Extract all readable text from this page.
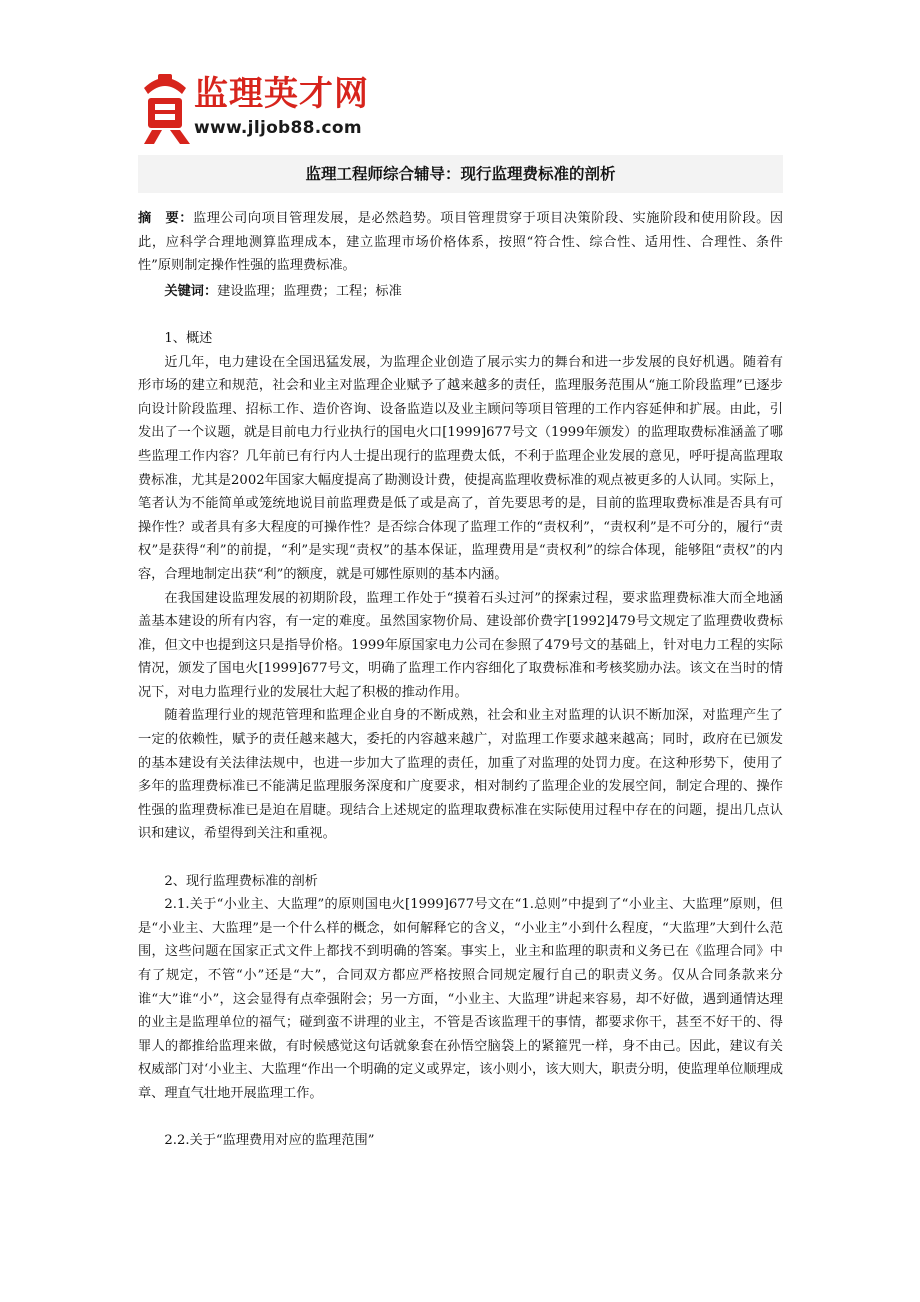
监理英才网
www.jljob88.com
监理工程师综合辅导：现行监理费标准的剖析

摘　要：监理公司向项目管理发展，是必然趋势。项目管理贯穿于项目决策阶段、实施阶段和使用阶段。因此，应科学合理地测算监理成本，建立监理市场价格体系，按照“符合性、综合性、适用性、合理性、条件性”原则制定操作性强的监理费标准。

关键词：建设监理；监理费；工程；标准

1、概述

近几年，电力建设在全国迅猛发展，为监理企业创造了展示实力的舞台和进一步发展的良好机遇。随着有形市场的建立和规范，社会和业主对监理企业赋予了越来越多的责任，监理服务范围从“施工阶段监理”已逐步向设计阶段监理、招标工作、造价咨询、设备监造以及业主顾问等项目管理的工作内容延伸和扩展。由此，引发出了一个议题，就是目前电力行业执行的国电火口[1999]677号文（1999年颁发）的监理取费标准涵盖了哪些监理工作内容？几年前已有行内人士提出现行的监理费太低，不利于监理企业发展的意见，呼吁提高监理取费标准，尤其是2002年国家大幅度提高了勘测设计费，使提高监理收费标准的观点被更多的人认同。实际上，笔者认为不能简单或笼统地说目前监理费是低了或是高了，首先要思考的是，目前的监理取费标准是否具有可操作性？或者具有多大程度的可操作性？是否综合体现了监理工作的“责权利”，“责权利”是不可分的，履行“责权”是获得“利”的前提，“利”是实现“责权”的基本保证，监理费用是“责权利”的综合体现，能够阻“责权”的内容，合理地制定出获“利”的额度，就是可娜性原则的基本内涵。

在我国建设监理发展的初期阶段，监理工作处于“摸着石头过河”的探索过程，要求监理费标准大而全地涵盖基本建设的所有内容，有一定的难度。虽然国家物价局、建设部价费字[1992]479号文规定了监理费收费标准，但文中也提到这只是指导价格。1999年原国家电力公司在参照了479号文的基础上，针对电力工程的实际情况，颁发了国电火[1999]677号文，明确了监理工作内容细化了取费标准和考核奖励办法。该文在当时的情况下，对电力监理行业的发展壮大起了积极的推动作用。

随着监理行业的规范管理和监理企业自身的不断成熟，社会和业主对监理的认识不断加深，对监理产生了一定的依赖性，赋予的责任越来越大，委托的内容越来越广，对监理工作要求越来越高；同时，政府在已颁发的基本建设有关法律法规中，也进一步加大了监理的责任，加重了对监理的处罚力度。在这种形势下，使用了多年的监理费标准已不能满足监理服务深度和广度要求，相对制约了监理企业的发展空间，制定合理的、操作性强的监理费标准已是迫在眉睫。现结合上述规定的监理取费标准在实际使用过程中存在的问题，提出几点认识和建议，希望得到关注和重视。

2、现行监理费标准的剖析

2.1.关于“小业主、大监理”的原则国电火[1999]677号文在“1.总则”中提到了“小业主、大监理”原则，但是“小业主、大监理”是一个什么样的概念，如何解释它的含义，“小业主”小到什么程度，“大监理”大到什么范围，这些问题在国家正式文件上都找不到明确的答案。事实上，业主和监理的职责和义务已在《监理合同》中有了规定，不管“小”还是“大”，合同双方都应严格按照合同规定履行自己的职责义务。仅从合同条款来分谁“大”谁“小”，这会显得有点牵强附会；另一方面，“小业主、大监理”讲起来容易，却不好做，遇到通情达理的业主是监理单位的福气；碰到蛮不讲理的业主，不管是否该监理干的事情，都要求你干，甚至不好干的、得罪人的都推给监理来做，有时候感觉这句话就象套在孙悟空脑袋上的紧箍咒一样，身不由己。因此，建议有关权威部门对‘小业主、大监理“作出一个明确的定义或界定，该小则小，该大则大，职责分明，使监理单位顺理成章、理直气壮地开展监理工作。

2.2.关于“监理费用对应的监理范围”
